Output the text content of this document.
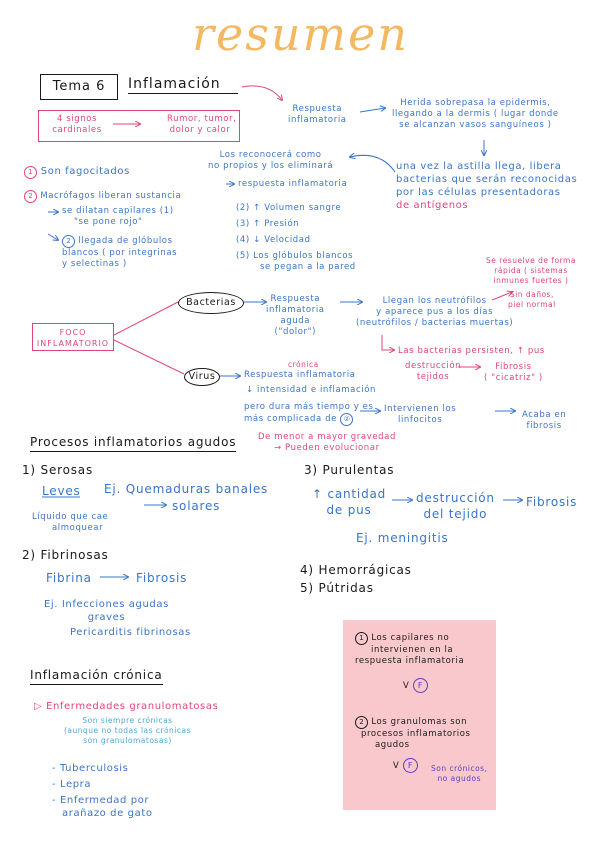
resumen
Tema 6	Inflamación
4 signos
cardinales
Rumor, tumor,
dolor y calor
Respuesta
inflamatoria
Herida sobrepasa la epidermis,
llegando a la dermis ( lugar donde
se alcanzan vasos sanguíneos )
una vez la astilla llega, libera
bacterias que serán reconocidas
por las células presentadoras
de antígenos
Los reconocerá como
no propios y los eliminará
respuesta inflamatoria
1 Son fagocitados
2 Macrófagos liberan sustancia
se dilatan capilares (1)
"se pone rojo"
2 llegada de glóbulos
blancos ( por integrinas
y selectinas )
(2) ↑ Volumen sangre
(3) ↑ Presión
(4) ↓ Velocidad
(5) Los glóbulos blancos
se pegan a la pared
FOCO
INFLAMATORIO
Bacterias	Respuesta
inflamatoria
aguda
("dolor")
Llegan los neutrófilos
y aparece pus a los días
(neutrófilos / bacterias muertas)
Se resuelve de forma
rápida ( sistemas
inmunes fuertes )
Sin daños,
piel normal
Las bacterias persisten, ↑ pus
destrucción
tejidos
Fibrosis
( "cicatriz" )
Virus
crónica
Respuesta inflamatoria
↓ intensidad e inflamación
pero dura más tiempo y es
más complicada de ②
Intervienen los
linfocitos	Acaba en
fibrosis
Procesos inflamatorios agudos	De menor a mayor gravedad
→ Pueden evolucionar
1) Serosas
Leves Ej. Quemaduras banales
solares
Líquido que cae
almoquear
2) Fibrinosas
Fibrina	Fibrosis
Ej. Infecciones agudas
graves
Pericarditis fibrinosas
3) Purulentas
↑ cantidad
de pus
destrucción
del tejido
Fibrosis
Ej. meningitis
4) Hemorrágicas
5) Pútridas
Inflamación crónica
▷ Enfermedades granulomatosas
Son siempre crónicas
(aunque no todas las crónicas
son granulomatosas)
- Tuberculosis
- Lepra
- Enfermedad por
arañazo de gato
1 Los capilares no
intervienen en la
respuesta inflamatoria
V F
2 Los granulomas son
procesos inflamatorios
agudos
V F	Son crónicos,
no agudos
